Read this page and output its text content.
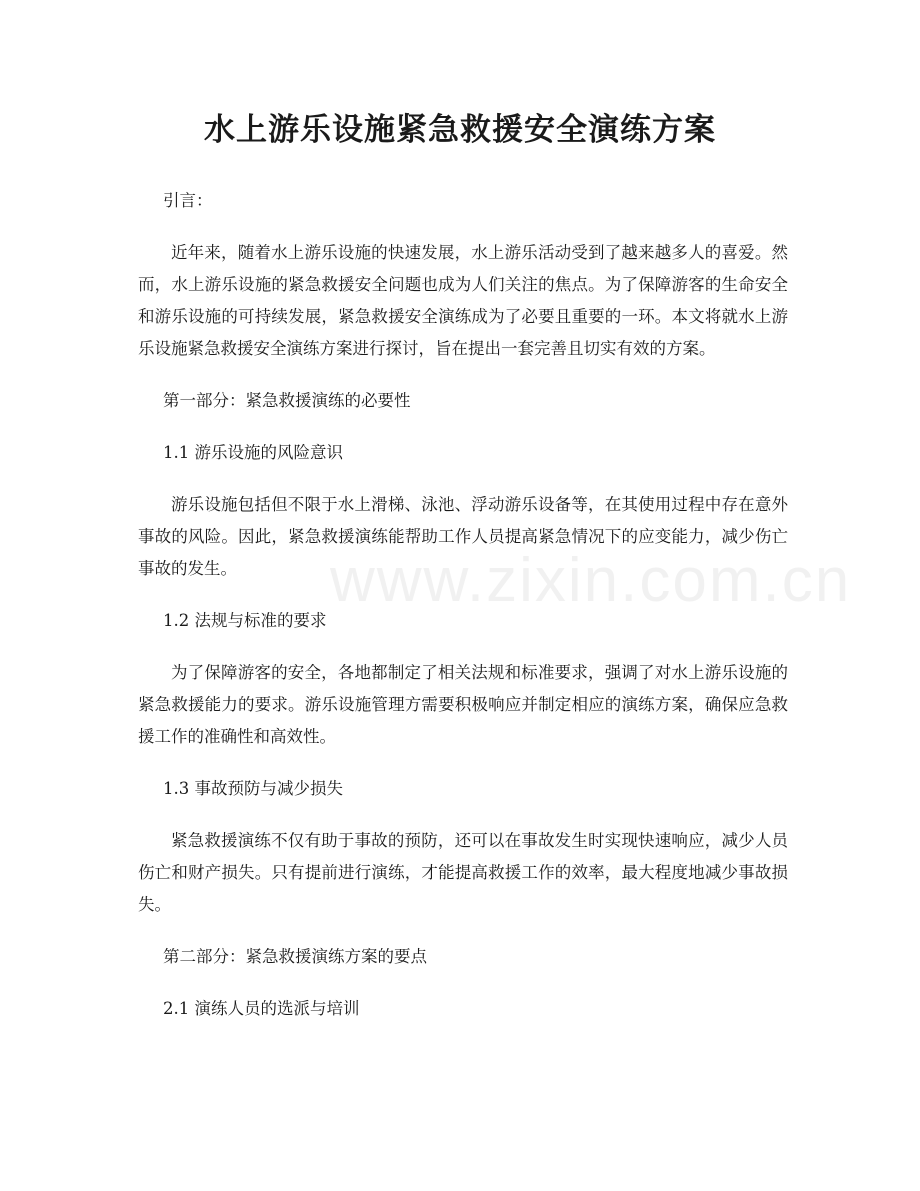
www.zixin.com.cn
水上游乐设施紧急救援安全演练方案

引言：

近年来，随着水上游乐设施的快速发展，水上游乐活动受到了越来越多人的喜爱。然而，水上游乐设施的紧急救援安全问题也成为人们关注的焦点。为了保障游客的生命安全和游乐设施的可持续发展，紧急救援安全演练成为了必要且重要的一环。本文将就水上游乐设施紧急救援安全演练方案进行探讨，旨在提出一套完善且切实有效的方案。

第一部分：紧急救援演练的必要性

1.1 游乐设施的风险意识

游乐设施包括但不限于水上滑梯、泳池、浮动游乐设备等，在其使用过程中存在意外事故的风险。因此，紧急救援演练能帮助工作人员提高紧急情况下的应变能力，减少伤亡事故的发生。

1.2 法规与标准的要求

为了保障游客的安全，各地都制定了相关法规和标准要求，强调了对水上游乐设施的紧急救援能力的要求。游乐设施管理方需要积极响应并制定相应的演练方案，确保应急救援工作的准确性和高效性。

1.3 事故预防与减少损失

紧急救援演练不仅有助于事故的预防，还可以在事故发生时实现快速响应，减少人员伤亡和财产损失。只有提前进行演练，才能提高救援工作的效率，最大程度地减少事故损失。

第二部分：紧急救援演练方案的要点

2.1 演练人员的选派与培训
